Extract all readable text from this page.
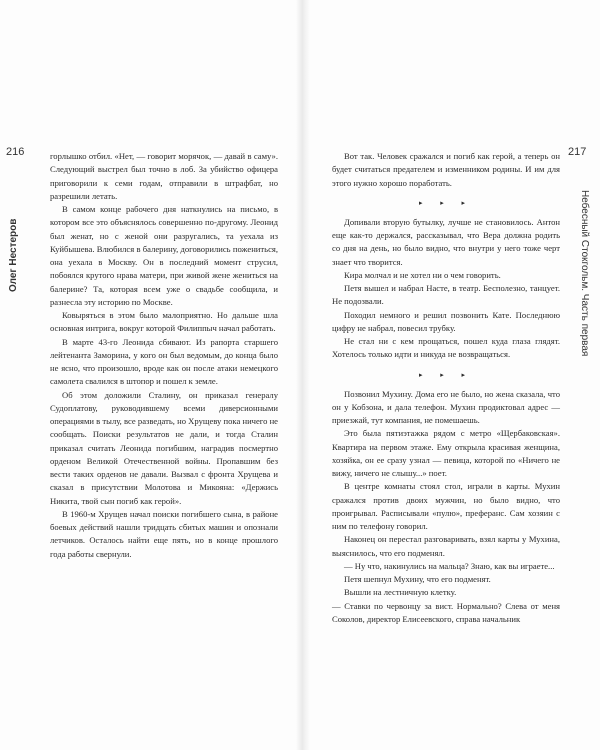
216
Олег Нестеров

горлышко отбил. «Нет, — говорит морячок, — давай в саму». Следующий выстрел был точно в лоб. За убийство офицера приговорили к семи годам, отправили в штрафбат, но разрешили летать.

В самом конце рабочего дня наткнулись на письмо, в котором все это объяснялось совершенно по-другому. Леонид был женат, но с женой они разругались, та уехала из Куйбышева. Влюбился в балерину, договорились пожениться, она уехала в Москву. Он в последний момент струсил, побоялся крутого нрава матери, при живой жене жениться на балерине? Та, которая всем уже о свадьбе сообщила, и разнесла эту историю по Москве.

Ковыряться в этом было малоприятно. Но дальше шла основная интрига, вокруг которой Филиппыч начал работать.

В марте 43-го Леонида сбивают. Из рапорта старшего лейтенанта Заморина, у кого он был ведомым, до конца было не ясно, что произошло, вроде как он после атаки немецкого самолета свалился в штопор и пошел к земле.

Об этом доложили Сталину, он приказал генералу Судоплатову, руководившему всеми диверсионными операциями в тылу, все разведать, но Хрущеву пока ничего не сообщать. Поиски результатов не дали, и тогда Сталин приказал считать Леонида погибшим, наградив посмертно орденом Великой Отечественной войны. Пропавшим без вести таких орденов не давали. Вызвал с фронта Хрущева и сказал в присутствии Молотова и Микояна: «Держись Никита, твой сын погиб как герой».

В 1960-м Хрущев начал поиски погибшего сына, в районе боевых действий нашли тридцать сбитых машин и опознали летчиков. Осталось найти еще пять, но в конце прошлого года работы свернули.

217
Небесный Стокгольм. Часть первая

Вот так. Человек сражался и погиб как герой, а теперь он будет считаться предателем и изменником родины. И им для этого нужно хорошо поработать.

▸ ▸ ▸

Допивали вторую бутылку, лучше не становилось. Антон еще как-то держался, рассказывал, что Вера должна родить со дня на день, но было видно, что внутри у него тоже черт знает что творится.

Кира молчал и не хотел ни о чем говорить.

Петя вышел и набрал Насте, в театр. Бесполезно, танцует. Не подозвали.

Походил немного и решил позвонить Кате. Последнюю цифру не набрал, повесил трубку.

Не стал ни с кем прощаться, пошел куда глаза глядят. Хотелось только идти и никуда не возвращаться.

▸ ▸ ▸

Позвонил Мухину. Дома его не было, но жена сказала, что он у Кобзона, и дала телефон. Мухин продиктовал адрес — приезжай, тут компания, не помешаешь.

Это была пятиэтажка рядом с метро «Щербаковская». Квартира на первом этаже. Ему открыла красивая женщина, хозяйка, он ее сразу узнал — певица, которой по «Ничего не вижу, ничего не слышу...» поет.

В центре комнаты стоял стол, играли в карты. Мухин сражался против двоих мужчин, но было видно, что проигрывал. Расписывали «пулю», преферанс. Сам хозяин с ним по телефону говорил.

Наконец он перестал разговаривать, взял карты у Мухина, выяснилось, что его подменял.

— Ну что, накинулись на мальца? Знаю, как вы играете...

Петя шепнул Мухину, что его подменят.

Вышли на лестничную клетку.

— Ставки по червонцу за вист. Нормально? Слева от меня Соколов, директор Елисеевского, справа начальник
